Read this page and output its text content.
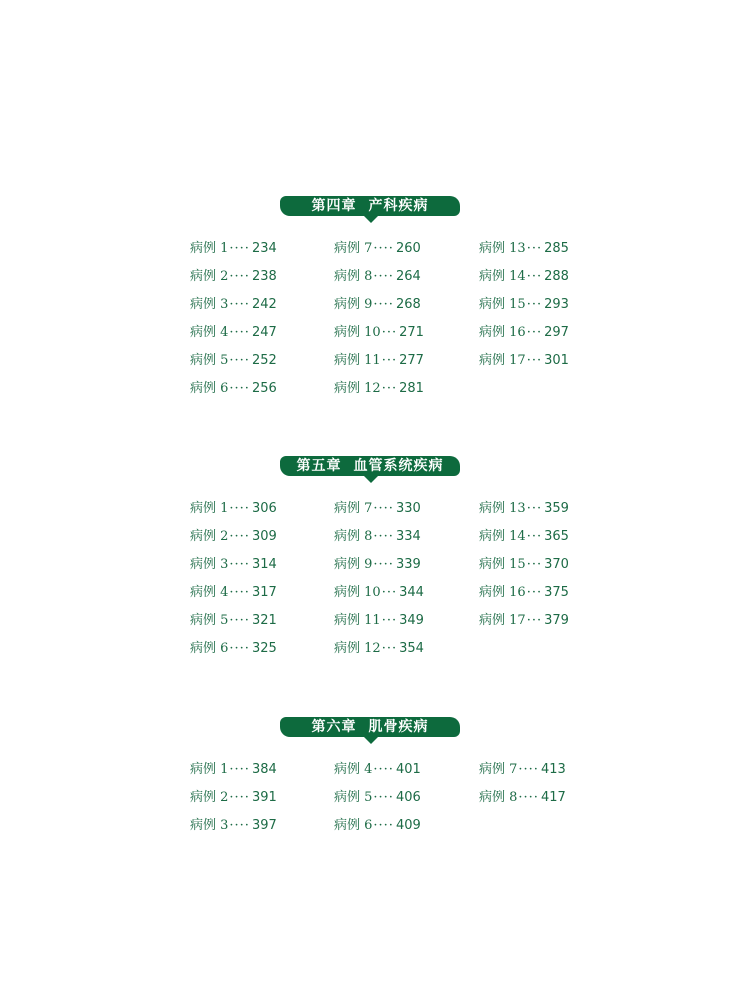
第四章 产科疾病
病例 1···· 234
病例 2···· 238
病例 3···· 242
病例 4···· 247
病例 5···· 252
病例 6···· 256
病例 7···· 260
病例 8···· 264
病例 9···· 268
病例 10··· 271
病例 11··· 277
病例 12··· 281
病例 13··· 285
病例 14··· 288
病例 15··· 293
病例 16··· 297
病例 17··· 301
第五章 血管系统疾病
病例 1···· 306
病例 2···· 309
病例 3···· 314
病例 4···· 317
病例 5···· 321
病例 6···· 325
病例 7···· 330
病例 8···· 334
病例 9···· 339
病例 10··· 344
病例 11··· 349
病例 12··· 354
病例 13··· 359
病例 14··· 365
病例 15··· 370
病例 16··· 375
病例 17··· 379
第六章 肌骨疾病
病例 1···· 384
病例 2···· 391
病例 3···· 397
病例 4···· 401
病例 5···· 406
病例 6···· 409
病例 7···· 413
病例 8···· 417
